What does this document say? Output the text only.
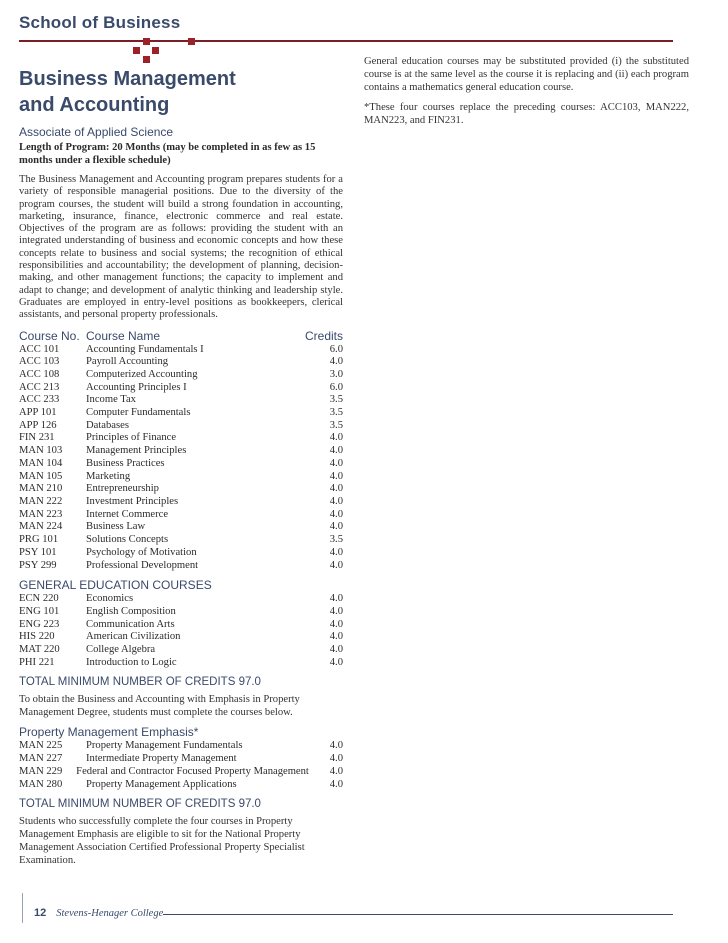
School of Business
Business Management
and Accounting
Associate of Applied Science
Length of Program: 20 Months (may be completed in as few as 15 months under a flexible schedule)
The Business Management and Accounting program prepares students for a variety of responsible managerial positions. Due to the diversity of the program courses, the student will build a strong foundation in accounting, marketing, insurance, finance, electronic commerce and real estate. Objectives of the program are as follows: providing the student with an integrated understanding of business and economic concepts and how these concepts relate to business and social systems; the recognition of ethical responsibilities and accountability; the development of planning, decision-making, and other management functions; the capacity to implement and adapt to change; and development of analytic thinking and leadership style. Graduates are employed in entry-level positions as bookkeepers, clerical assistants, and personal property professionals.
Course No. Course Name	Credits
ACC 101	Accounting Fundamentals I	6.0
ACC 103	Payroll Accounting	4.0
ACC 108	Computerized Accounting	3.0
ACC 213	Accounting Principles I	6.0
ACC 233	Income Tax	3.5
APP 101	Computer Fundamentals	3.5
APP 126	Databases	3.5
FIN 231	Principles of Finance	4.0
MAN 103	Management Principles	4.0
MAN 104	Business Practices	4.0
MAN 105	Marketing	4.0
MAN 210	Entrepreneurship	4.0
MAN 222	Investment Principles	4.0
MAN 223	Internet Commerce	4.0
MAN 224	Business Law	4.0
PRG 101	Solutions Concepts	3.5
PSY 101	Psychology of Motivation	4.0
PSY 299	Professional Development	4.0
GENERAL EDUCATION COURSES
ECN 220	Economics	4.0
ENG 101	English Composition	4.0
ENG 223	Communication Arts	4.0
HIS 220	American Civilization	4.0
MAT 220	College Algebra	4.0
PHI 221	Introduction to Logic	4.0
TOTAL MINIMUM NUMBER OF CREDITS 97.0
To obtain the Business and Accounting with Emphasis in Property Management Degree, students must complete the courses below.
Property Management Emphasis*
MAN 225	Property Management Fundamentals	4.0
MAN 227	Intermediate Property Management	4.0
MAN 229	Federal and Contractor Focused Property Management	4.0
MAN 280	Property Management Applications	4.0
TOTAL MINIMUM NUMBER OF CREDITS 97.0
Students who successfully complete the four courses in Property Management Emphasis are eligible to sit for the National Property Management Association Certified Professional Property Specialist Examination.

General education courses may be substituted provided (i) the substituted course is at the same level as the course it is replacing and (ii) each program contains a mathematics general education course.

*These four courses replace the preceding courses: ACC103, MAN222, MAN223, and FIN231.

12 Stevens-Henager College
